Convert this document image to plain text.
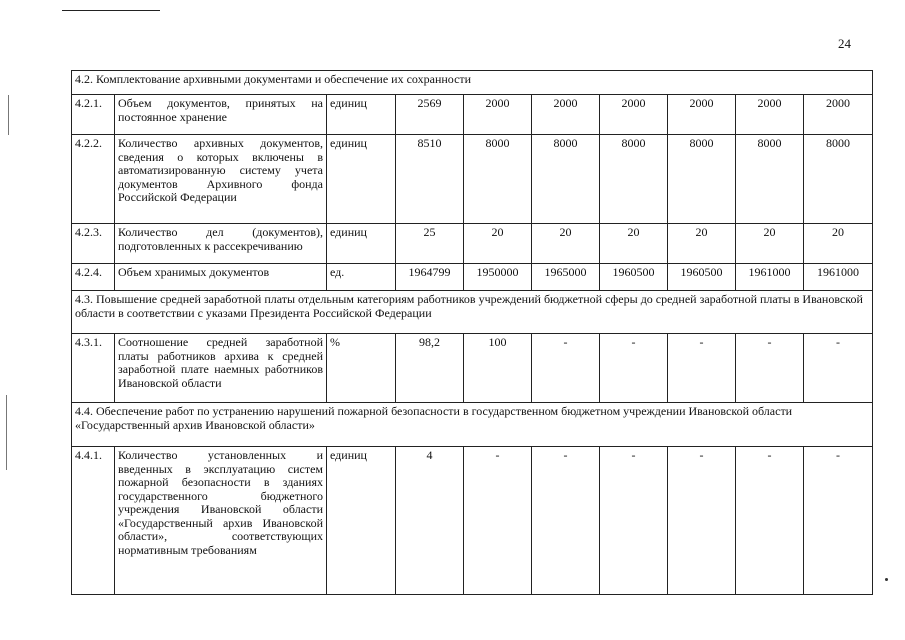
24
4.2. Комплектование архивными документами и обеспечение их сохранности									
4.2.1.	Объем документов, принятых на постоянное хранение	единиц	2569	2000	2000	2000	2000	2000	2000
4.2.2.	Количество архивных документов, сведения о которых включены в автоматизированную систему учета документов Архивного фонда Российской Федерации	единиц	8510	8000	8000	8000	8000	8000	8000
4.2.3.	Количество дел (документов), подготовленных к рассекречиванию	единиц	25	20	20	20	20	20	20
4.2.4.	Объем хранимых документов	ед.	1964799	1950000	1965000	1960500	1960500	1961000	1961000
4.3. Повышение средней заработной платы отдельным категориям работников учреждений бюджетной сферы до средней заработной платы в Ивановской области в соответствии с указами Президента Российской Федерации									
4.3.1.	Соотношение средней заработной платы работников архива к средней заработной плате наемных работников Ивановской области	%	98,2	100	-	-	-	-	-
4.4. Обеспечение работ по устранению нарушений пожарной безопасности в государственном бюджетном учреждении Ивановской области «Государственный архив Ивановской области»									
4.4.1.	Количество установленных и введенных в эксплуатацию систем пожарной безопасности в зданиях государственного бюджетного учреждения Ивановской области «Государственный архив Ивановской области», соответствующих нормативным требованиям	единиц	4	-	-	-	-	-	-
